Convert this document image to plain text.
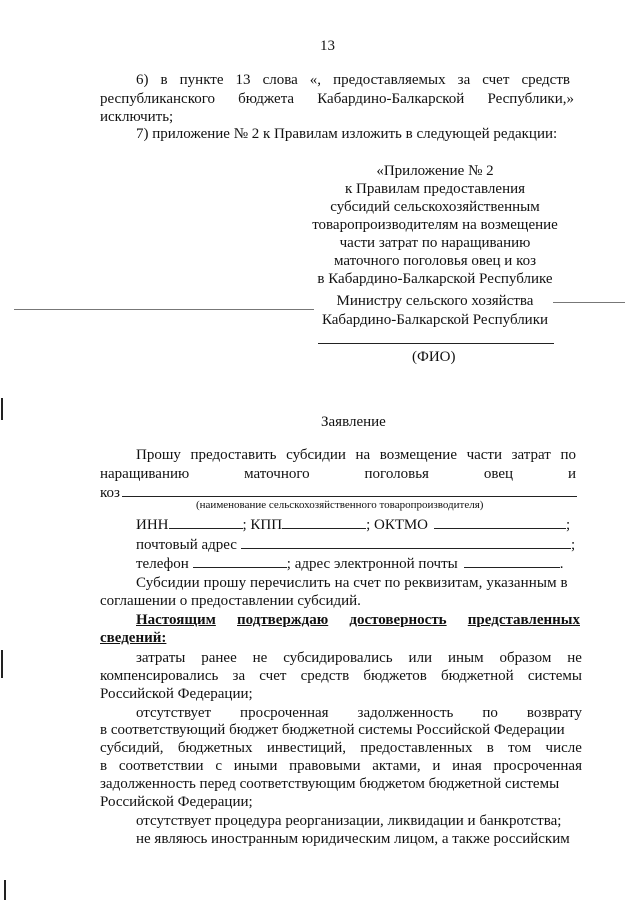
13
6) в пункте 13 слова «, предоставляемых за счет средств
республиканского бюджета Кабардино-Балкарской Республики,»
исключить;
7) приложение № 2 к Правилам изложить в следующей редакции:
«Приложение № 2
к Правилам предоставления
субсидий сельскохозяйственным
товаропроизводителям на возмещение
части затрат по наращиванию
маточного поголовья овец и коз
в Кабардино-Балкарской Республике
Министру сельского хозяйства
Кабардино-Балкарской Республики
(ФИО)
Заявление
Прошу предоставить субсидии на возмещение части затрат по
наращиванию	маточного	поголовья	овец	и
коз
(наименование сельскохозяйственного товаропроизводителя)
ИНН	; КПП	; ОКТМО	;
почтовый адрес	;
телефон	; адрес электронной почты	.
Субсидии прошу перечислить на счет по реквизитам, указанным в
соглашении о предоставлении субсидий.
Настоящим подтверждаю достоверность представленных
сведений:
затраты ранее не субсидировались или иным образом не
компенсировались за счет средств бюджетов бюджетной системы
Российской Федерации;
отсутствует просроченная задолженность по возврату
в соответствующий бюджет бюджетной системы Российской Федерации
субсидий, бюджетных инвестиций, предоставленных в том числе
в соответствии с иными правовыми актами, и иная просроченная
задолженность перед соответствующим бюджетом бюджетной системы
Российской Федерации;
отсутствует процедура реорганизации, ликвидации и банкротства;
не являюсь иностранным юридическим лицом, а также российским
